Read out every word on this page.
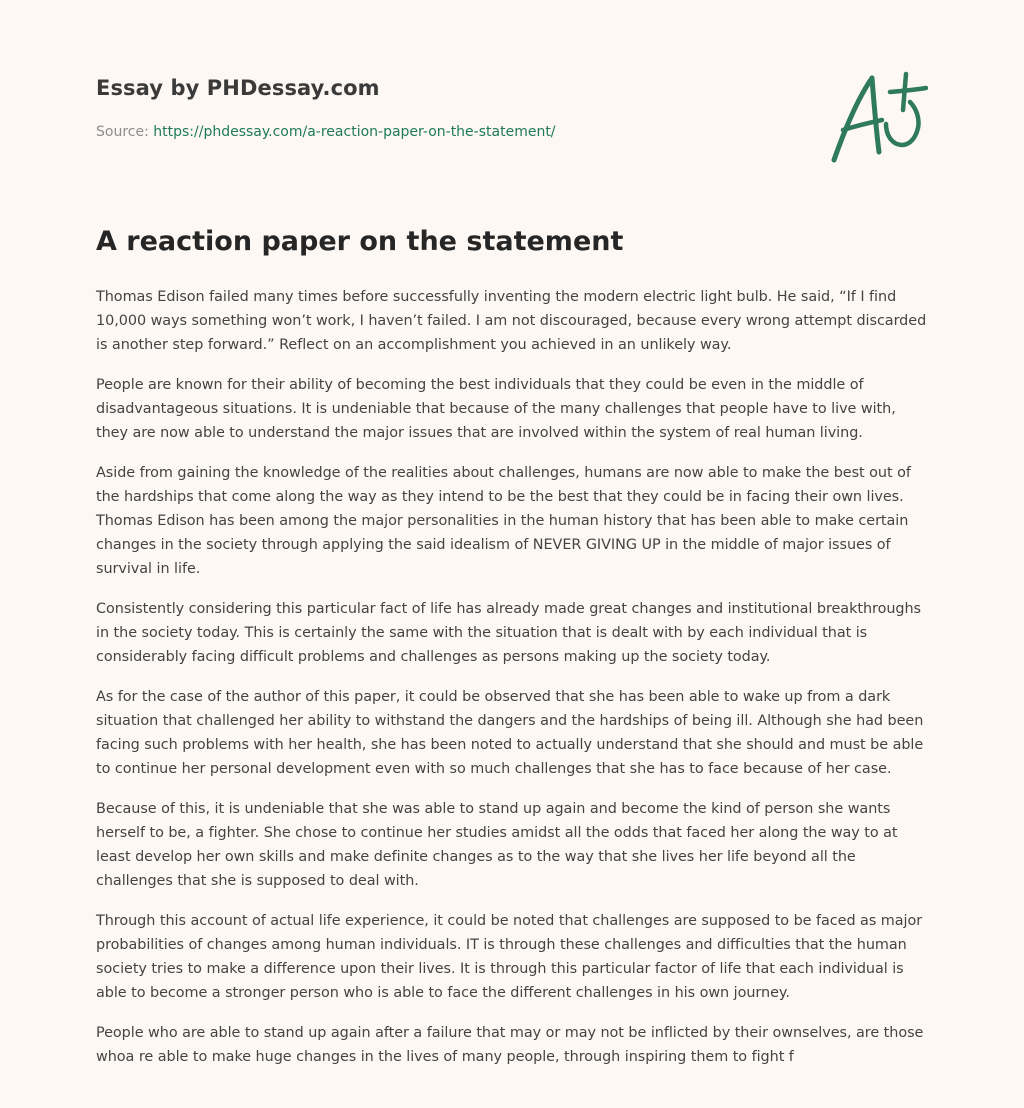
Essay by PHDessay.com
Source: https://phdessay.com/a-reaction-paper-on-the-statement/
A reaction paper on the statement

Thomas Edison failed many times before successfully inventing the modern electric light bulb. He said, “If I find 10,000 ways something won’t work, I haven’t failed. I am not discouraged, because every wrong attempt discarded is another step forward.” Reflect on an accomplishment you achieved in an unlikely way.

People are known for their ability of becoming the best individuals that they could be even in the middle of disadvantageous situations. It is undeniable that because of the many challenges that people have to live with, they are now able to understand the major issues that are involved within the system of real human living.

Aside from gaining the knowledge of the realities about challenges, humans are now able to make the best out of the hardships that come along the way as they intend to be the best that they could be in facing their own lives. Thomas Edison has been among the major personalities in the human history that has been able to make certain changes in the society through applying the said idealism of NEVER GIVING UP in the middle of major issues of survival in life.

Consistently considering this particular fact of life has already made great changes and institutional breakthroughs in the society today. This is certainly the same with the situation that is dealt with by each individual that is considerably facing difficult problems and challenges as persons making up the society today.

As for the case of the author of this paper, it could be observed that she has been able to wake up from a dark situation that challenged her ability to withstand the dangers and the hardships of being ill. Although she had been facing such problems with her health, she has been noted to actually understand that she should and must be able to continue her personal development even with so much challenges that she has to face because of her case.

Because of this, it is undeniable that she was able to stand up again and become the kind of person she wants herself to be, a fighter. She chose to continue her studies amidst all the odds that faced her along the way to at least develop her own skills and make definite changes as to the way that she lives her life beyond all the challenges that she is supposed to deal with.

Through this account of actual life experience, it could be noted that challenges are supposed to be faced as major probabilities of changes among human individuals. IT is through these challenges and difficulties that the human society tries to make a difference upon their lives. It is through this particular factor of life that each individual is able to become a stronger person who is able to face the different challenges in his own journey.

People who are able to stand up again after a failure that may or may not be inflicted by their ownselves, are those whoa re able to make huge changes in the lives of many people, through inspiring them to fight f
